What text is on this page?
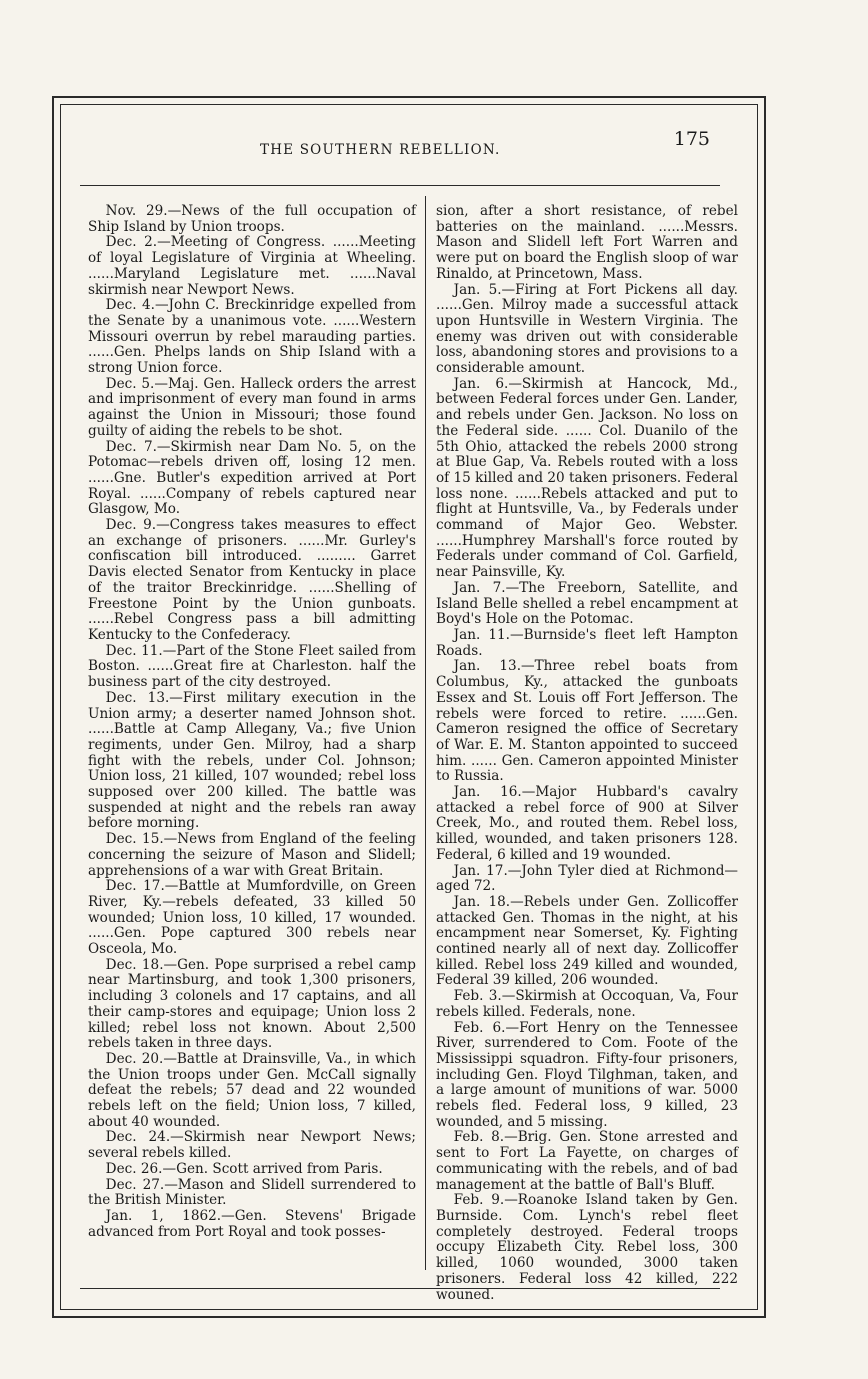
THE SOUTHERN REBELLION.	175

Nov. 29.—News of the full occupation of Ship Island by Union troops.

Dec. 2.—Meeting of Congress. ......Meeting of loyal Legislature of Virginia at Wheeling. ......Maryland Legislature met. ......Naval skirmish near Newport News.

Dec. 4.—John C. Breckinridge expelled from the Senate by a unanimous vote. ......Western Missouri overrun by rebel marauding parties. ......Gen. Phelps lands on Ship Island with a strong Union force.

Dec. 5.—Maj. Gen. Halleck orders the arrest and imprisonment of every man found in arms against the Union in Missouri; those found guilty of aiding the rebels to be shot.

Dec. 7.—Skirmish near Dam No. 5, on the Potomac—rebels driven off, losing 12 men. ......Gne. Butler's expedition arrived at Port Royal. ......Company of rebels captured near Glasgow, Mo.

Dec. 9.—Congress takes measures to effect an exchange of prisoners. ......Mr. Gurley's confiscation bill introduced. ......... Garret Davis elected Senator from Kentucky in place of the traitor Breckinridge. ......Shelling of Freestone Point by the Union gunboats. ......Rebel Congress pass a bill admitting Kentucky to the Confederacy.

Dec. 11.—Part of the Stone Fleet sailed from Boston. ......Great fire at Charleston. half the business part of the city destroyed.

Dec. 13.—First military execution in the Union army; a deserter named Johnson shot. ......Battle at Camp Allegany, Va.; five Union regiments, under Gen. Milroy, had a sharp fight with the rebels, under Col. Johnson; Union loss, 21 killed, 107 wounded; rebel loss supposed over 200 killed. The battle was suspended at night and the rebels ran away before morning.

Dec. 15.—News from England of the feeling concerning the seizure of Mason and Slidell; apprehensions of a war with Great Britain.

Dec. 17.—Battle at Mumfordville, on Green River, Ky.—rebels defeated, 33 killed 50 wounded; Union loss, 10 killed, 17 wounded. ......Gen. Pope captured 300 rebels near Osceola, Mo.

Dec. 18.—Gen. Pope surprised a rebel camp near Martinsburg, and took 1,300 prisoners, including 3 colonels and 17 captains, and all their camp-stores and equipage; Union loss 2 killed; rebel loss not known. About 2,500 rebels taken in three days.

Dec. 20.—Battle at Drainsville, Va., in which the Union troops under Gen. McCall signally defeat the rebels; 57 dead and 22 wounded rebels left on the field; Union loss, 7 killed, about 40 wounded.

Dec. 24.—Skirmish near Newport News; several rebels killed.

Dec. 26.—Gen. Scott arrived from Paris.

Dec. 27.—Mason and Slidell surrendered to the British Minister.

Jan. 1, 1862.—Gen. Stevens' Brigade advanced from Port Royal and took posses-

sion, after a short resistance, of rebel batteries on the mainland. ......Messrs. Mason and Slidell left Fort Warren and were put on board the English sloop of war Rinaldo, at Princetown, Mass.

Jan. 5.—Firing at Fort Pickens all day. ......Gen. Milroy made a successful attack upon Huntsville in Western Virginia. The enemy was driven out with considerable loss, abandoning stores and provisions to a considerable amount.

Jan. 6.—Skirmish at Hancock, Md., between Federal forces under Gen. Lander, and rebels under Gen. Jackson. No loss on the Federal side. ...... Col. Duanilo of the 5th Ohio, attacked the rebels 2000 strong at Blue Gap, Va. Rebels routed with a loss of 15 killed and 20 taken prisoners. Federal loss none. ......Rebels attacked and put to flight at Huntsville, Va., by Federals under command of Major Geo. Webster. ......Humphrey Marshall's force routed by Federals under command of Col. Garfield, near Painsville, Ky.

Jan. 7.—The Freeborn, Satellite, and Island Belle shelled a rebel encampment at Boyd's Hole on the Potomac.

Jan. 11.—Burnside's fleet left Hampton Roads.

Jan. 13.—Three rebel boats from Columbus, Ky., attacked the gunboats Essex and St. Louis off Fort Jefferson. The rebels were forced to retire. ......Gen. Cameron resigned the office of Secretary of War. E. M. Stanton appointed to succeed him. ...... Gen. Cameron appointed Minister to Russia.

Jan. 16.—Major Hubbard's cavalry attacked a rebel force of 900 at Silver Creek, Mo., and routed them. Rebel loss, killed, wounded, and taken prisoners 128. Federal, 6 killed and 19 wounded.

Jan. 17.—John Tyler died at Richmond—aged 72.

Jan. 18.—Rebels under Gen. Zollicoffer attacked Gen. Thomas in the night, at his encampment near Somerset, Ky. Fighting contined nearly all of next day. Zollicoffer killed. Rebel loss 249 killed and wounded, Federal 39 killed, 206 wounded.

Feb. 3.—Skirmish at Occoquan, Va, Four rebels killed. Federals, none.

Feb. 6.—Fort Henry on the Tennessee River, surrendered to Com. Foote of the Mississippi squadron. Fifty-four prisoners, including Gen. Floyd Tilghman, taken, and a large amount of munitions of war. 5000 rebels fled. Federal loss, 9 killed, 23 wounded, and 5 missing.

Feb. 8.—Brig. Gen. Stone arrested and sent to Fort La Fayette, on charges of communicating with the rebels, and of bad management at the battle of Ball's Bluff.

Feb. 9.—Roanoke Island taken by Gen. Burnside. Com. Lynch's rebel fleet completely destroyed. Federal troops occupy Elizabeth City. Rebel loss, 300 killed, 1060 wounded, 3000 taken prisoners. Federal loss 42 killed, 222 wouned.
